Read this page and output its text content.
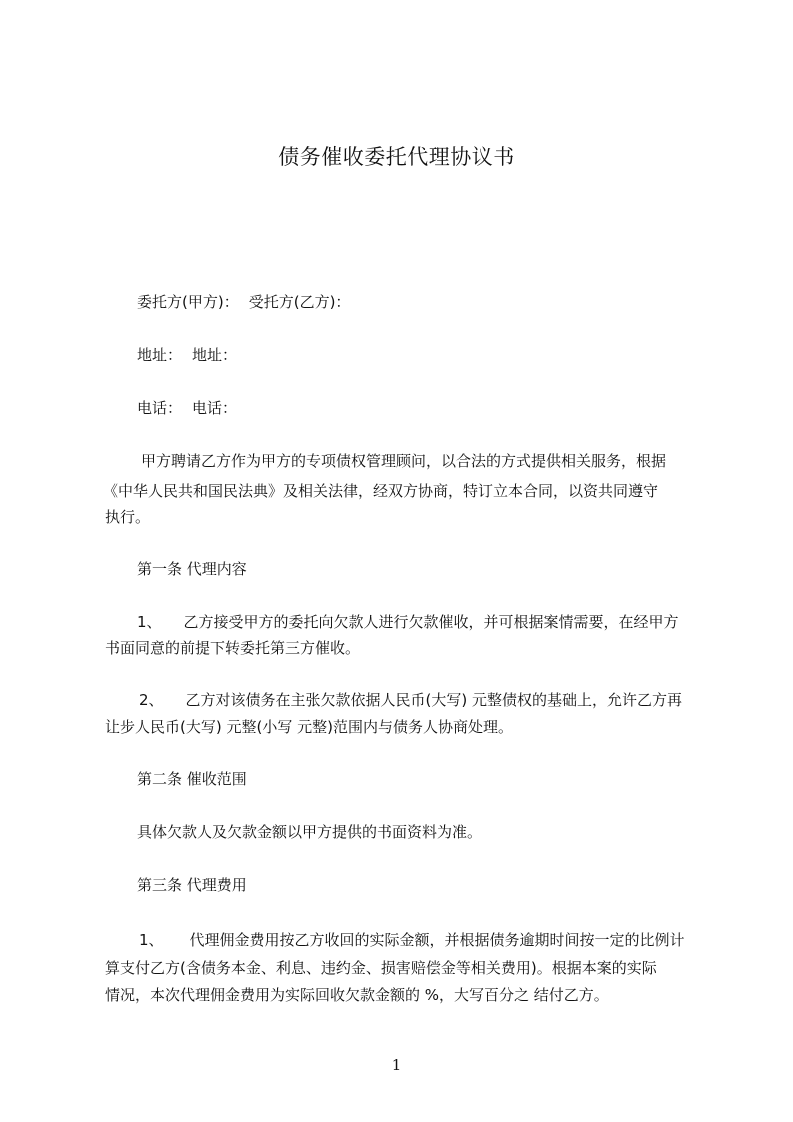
债务催收委托代理协议书
委托方(甲方)： 受托方(乙方)：
地址： 地址：
电话： 电话：
甲方聘请乙方作为甲方的专项债权管理顾问，以合法的方式提供相关服务，根据
《中华人民共和国民法典》及相关法律，经双方协商，特订立本合同，以资共同遵守
执行。
第一条 代理内容
1、 乙方接受甲方的委托向欠款人进行欠款催收，并可根据案情需要，在经甲方
书面同意的前提下转委托第三方催收。
2、 乙方对该债务在主张欠款依据人民币(大写) 元整债权的基础上，允许乙方再
让步人民币(大写) 元整(小写 元整)范围内与债务人协商处理。
第二条 催收范围
具体欠款人及欠款金额以甲方提供的书面资料为准。
第三条 代理费用
1、 代理佣金费用按乙方收回的实际金额，并根据债务逾期时间按一定的比例计
算支付乙方(含债务本金、利息、违约金、损害赔偿金等相关费用)。根据本案的实际
情况，本次代理佣金费用为实际回收欠款金额的 %，大写百分之 结付乙方。
1
